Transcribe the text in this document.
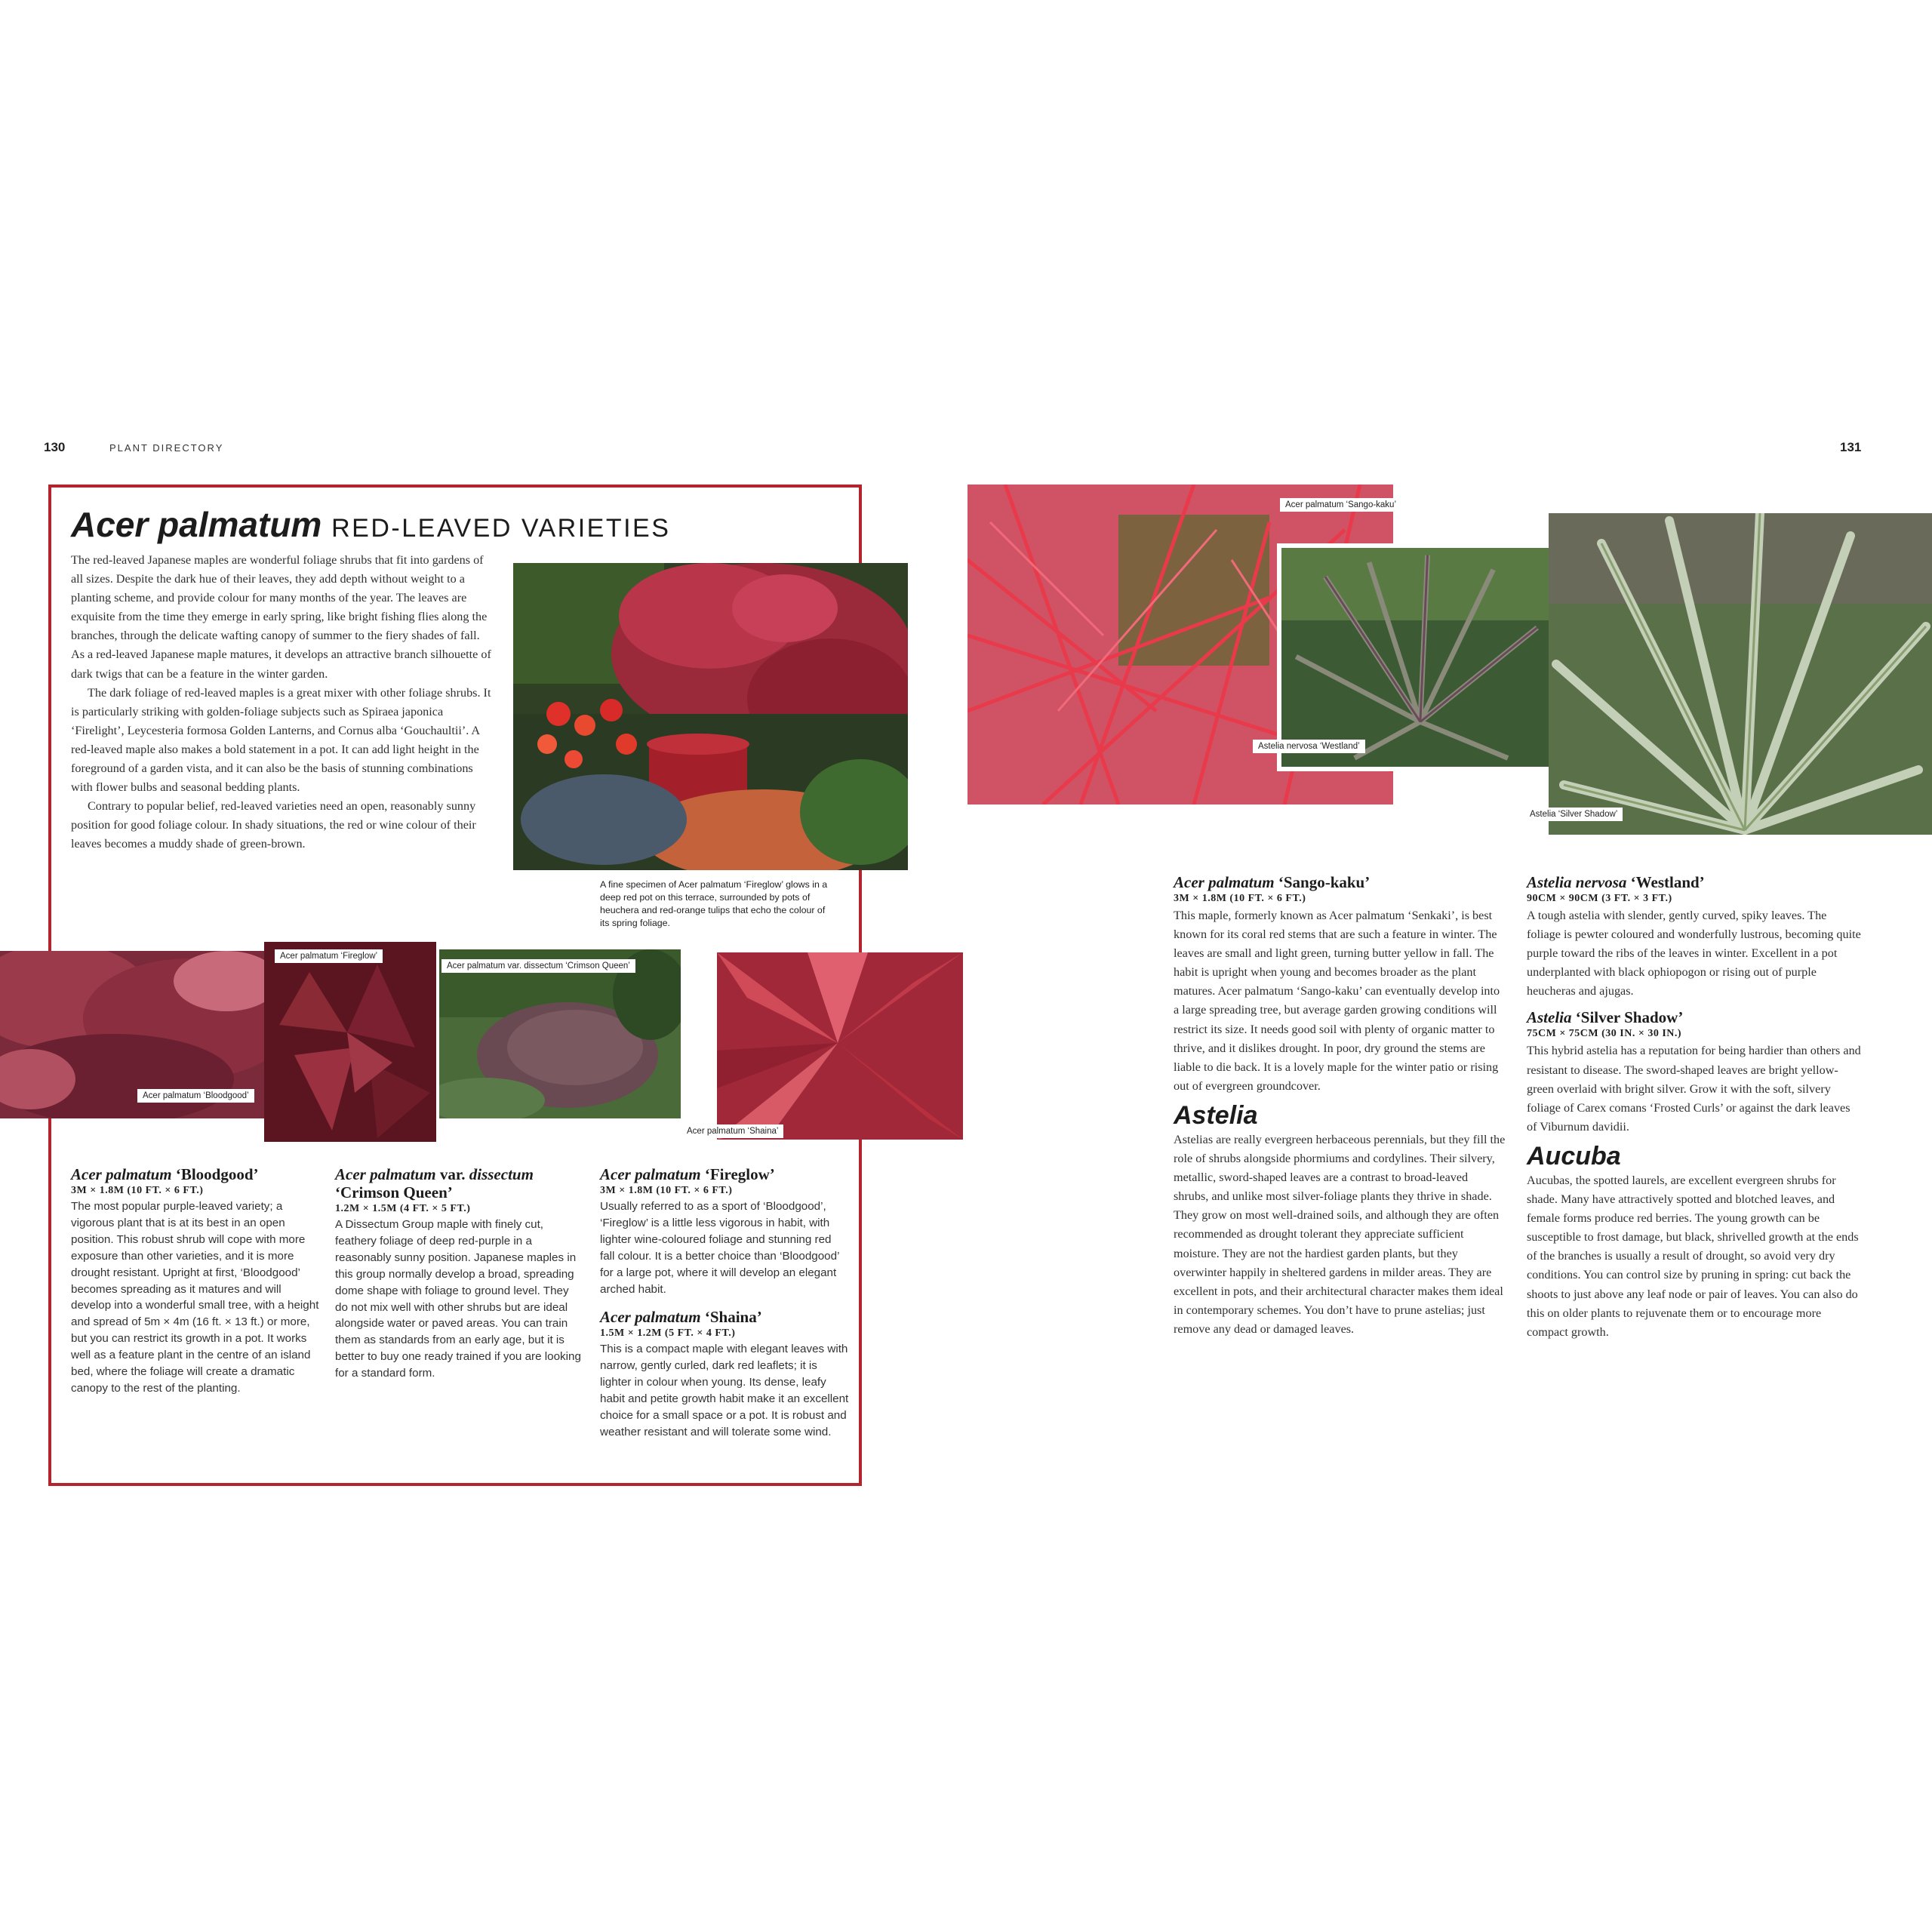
130	PLANT DIRECTORY
Acer palmatum RED-LEAVED VARIETIES

The red-leaved Japanese maples are wonderful foliage shrubs that fit into gardens of all sizes. Despite the dark hue of their leaves, they add depth without weight to a planting scheme, and provide colour for many months of the year. The leaves are exquisite from the time they emerge in early spring, like bright fishing flies along the branches, through the delicate wafting canopy of summer to the fiery shades of fall. As a red-leaved Japanese maple matures, it develops an attractive branch silhouette of dark twigs that can be a feature in the winter garden.

The dark foliage of red-leaved maples is a great mixer with other foliage shrubs. It is particularly striking with golden-foliage subjects such as Spiraea japonica ‘Firelight’, Leycesteria formosa Golden Lanterns, and Cornus alba ‘Gouchaultii’. A red-leaved maple also makes a bold statement in a pot. It can add light height in the foreground of a garden vista, and it can also be the basis of stunning combinations with flower bulbs and seasonal bedding plants.

Contrary to popular belief, red-leaved varieties need an open, reasonably sunny position for good foliage colour. In shady situations, the red or wine colour of their leaves becomes a muddy shade of green-brown.

A fine specimen of Acer palmatum ‘Fireglow’ glows in a deep red pot on this terrace, surrounded by pots of heuchera and red-orange tulips that echo the colour of its spring foliage.
Acer palmatum ‘Bloodgood’
Acer palmatum ‘Fireglow’
Acer palmatum var. dissectum ‘Crimson Queen’
Acer palmatum ‘Shaina’
Acer palmatum ‘Bloodgood’
3M × 1.8M (10 FT. × 6 FT.)
The most popular purple-leaved variety; a vigorous plant that is at its best in an open position. This robust shrub will cope with more exposure than other varieties, and it is more drought resistant. Upright at first, ‘Bloodgood’ becomes spreading as it matures and will develop into a wonderful small tree, with a height and spread of 5m × 4m (16 ft. × 13 ft.) or more, but you can restrict its growth in a pot. It works well as a feature plant in the centre of an island bed, where the foliage will create a dramatic canopy to the rest of the planting.
Acer palmatum var. dissectum
‘Crimson Queen’
1.2M × 1.5M (4 FT. × 5 FT.)
A Dissectum Group maple with finely cut, feathery foliage of deep red-purple in a reasonably sunny position. Japanese maples in this group normally develop a broad, spreading dome shape with foliage to ground level. They do not mix well with other shrubs but are ideal alongside water or paved areas. You can train them as standards from an early age, but it is better to buy one ready trained if you are looking for a standard form.
Acer palmatum ‘Fireglow’
3M × 1.8M (10 FT. × 6 FT.)
Usually referred to as a sport of ‘Bloodgood’, ‘Fireglow’ is a little less vigorous in habit, with lighter wine-coloured foliage and stunning red fall colour. It is a better choice than ‘Bloodgood’ for a large pot, where it will develop an elegant arched habit.
Acer palmatum ‘Shaina’
1.5M × 1.2M (5 FT. × 4 FT.)
This is a compact maple with elegant leaves with narrow, gently curled, dark red leaflets; it is lighter in colour when young. Its dense, leafy habit and petite growth habit make it an excellent choice for a small space or a pot. It is robust and weather resistant and will tolerate some wind.
131
Acer palmatum ‘Sango-kaku’
Astelia nervosa ‘Westland’
Astelia ‘Silver Shadow’
Acer palmatum ‘Sango-kaku’
3M × 1.8M (10 FT. × 6 FT.)
This maple, formerly known as Acer palmatum ‘Senkaki’, is best known for its coral red stems that are such a feature in winter. The leaves are small and light green, turning butter yellow in fall. The habit is upright when young and becomes broader as the plant matures. Acer palmatum ‘Sango-kaku’ can eventually develop into a large spreading tree, but average garden growing conditions will restrict its size. It needs good soil with plenty of organic matter to thrive, and it dislikes drought. In poor, dry ground the stems are liable to die back. It is a lovely maple for the winter patio or rising out of evergreen groundcover.
Astelia
Astelias are really evergreen herbaceous perennials, but they fill the role of shrubs alongside phormiums and cordylines. Their silvery, metallic, sword-shaped leaves are a contrast to broad-leaved shrubs, and unlike most silver-foliage plants they thrive in shade. They grow on most well-drained soils, and although they are often recommended as drought tolerant they appreciate sufficient moisture. They are not the hardiest garden plants, but they overwinter happily in sheltered gardens in milder areas. They are excellent in pots, and their architectural character makes them ideal in contemporary schemes. You don’t have to prune astelias; just remove any dead or damaged leaves.
Astelia nervosa ‘Westland’
90CM × 90CM (3 FT. × 3 FT.)
A tough astelia with slender, gently curved, spiky leaves. The foliage is pewter coloured and wonderfully lustrous, becoming quite purple toward the ribs of the leaves in winter. Excellent in a pot underplanted with black ophiopogon or rising out of purple heucheras and ajugas.
Astelia ‘Silver Shadow’
75CM × 75CM (30 IN. × 30 IN.)
This hybrid astelia has a reputation for being hardier than others and resistant to disease. The sword-shaped leaves are bright yellow-green overlaid with bright silver. Grow it with the soft, silvery foliage of Carex comans ‘Frosted Curls’ or against the dark leaves of Viburnum davidii.
Aucuba
Aucubas, the spotted laurels, are excellent evergreen shrubs for shade. Many have attractively spotted and blotched leaves, and female forms produce red berries. The young growth can be susceptible to frost damage, but black, shrivelled growth at the ends of the branches is usually a result of drought, so avoid very dry conditions. You can control size by pruning in spring: cut back the shoots to just above any leaf node or pair of leaves. You can also do this on older plants to rejuvenate them or to encourage more compact growth.
